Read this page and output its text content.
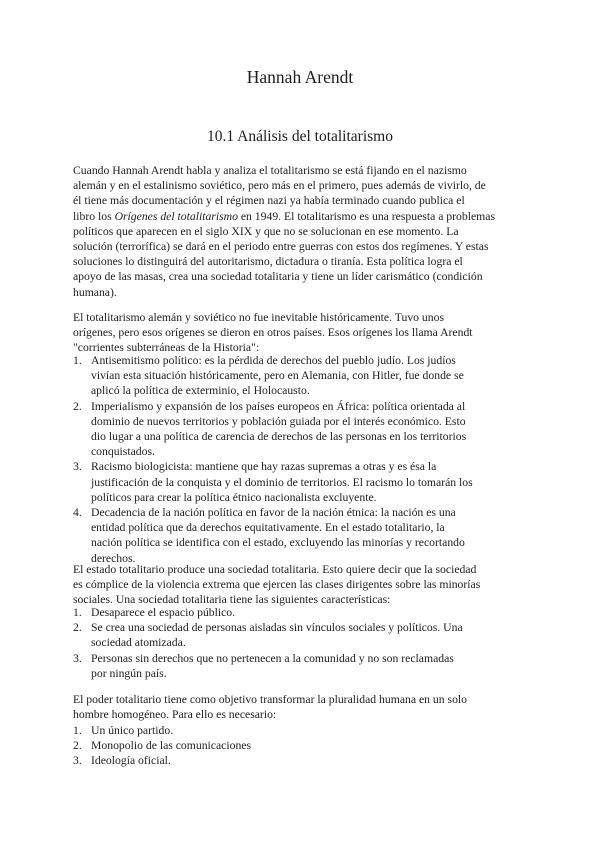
Hannah Arendt
10.1 Análisis del totalitarismo

Cuando Hannah Arendt habla y analiza el totalitarismo se está fijando en el nazismo
alemán y en el estalinismo soviético, pero más en el primero, pues además de vivirlo, de
él tiene más documentación y el régimen nazi ya había terminado cuando publica el
libro los Orígenes del totalitarismo en 1949. El totalitarismo es una respuesta a problemas
políticos que aparecen en el siglo XIX y que no se solucionan en ese momento. La
solución (terrorífica) se dará en el periodo entre guerras con estos dos regímenes. Y estas
soluciones lo distinguirá del autoritarismo, dictadura o tiranía. Esta política logra el
apoyo de las masas, crea una sociedad totalitaria y tiene un líder carismático (condición
humana).

El totalitarismo alemán y soviético no fue inevitable históricamente. Tuvo unos
orígenes, pero esos orígenes se dieron en otros países. Esos orígenes los llama Arendt
"corrientes subterráneas de la Historia":

1. Antisemitismo político: es la pérdida de derechos del pueblo judío. Los judíos
vivían esta situación históricamente, pero en Alemania, con Hitler, fue donde se
aplicó la política de exterminio, el Holocausto.
2. Imperialismo y expansión de los países europeos en África: política orientada al
dominio de nuevos territorios y población guiada por el interés económico. Esto
dio lugar a una política de carencia de derechos de las personas en los territorios
conquistados.
3. Racismo biologicista: mantiene que hay razas supremas a otras y es ésa la
justificación de la conquista y el dominio de territorios. El racismo lo tomarán los
políticos para crear la política étnico nacionalista excluyente.
4. Decadencia de la nación política en favor de la nación étnica: la nación es una
entidad política que da derechos equitativamente. En el estado totalitario, la
nación política se identifica con el estado, excluyendo las minorías y recortando
derechos.

El estado totalitario produce una sociedad totalitaria. Esto quiere decir que la sociedad
es cómplice de la violencia extrema que ejercen las clases dirigentes sobre las minorías
sociales. Una sociedad totalitaria tiene las siguientes características:

1. Desaparece el espacio público.
2. Se crea una sociedad de personas aisladas sin vínculos sociales y políticos. Una
sociedad atomizada.
3. Personas sin derechos que no pertenecen a la comunidad y no son reclamadas
por ningún país.

El poder totalitario tiene como objetivo transformar la pluralidad humana en un solo
hombre homogéneo. Para ello es necesario:

1. Un único partido.
2. Monopolio de las comunicaciones
3. Ideología oficial.
